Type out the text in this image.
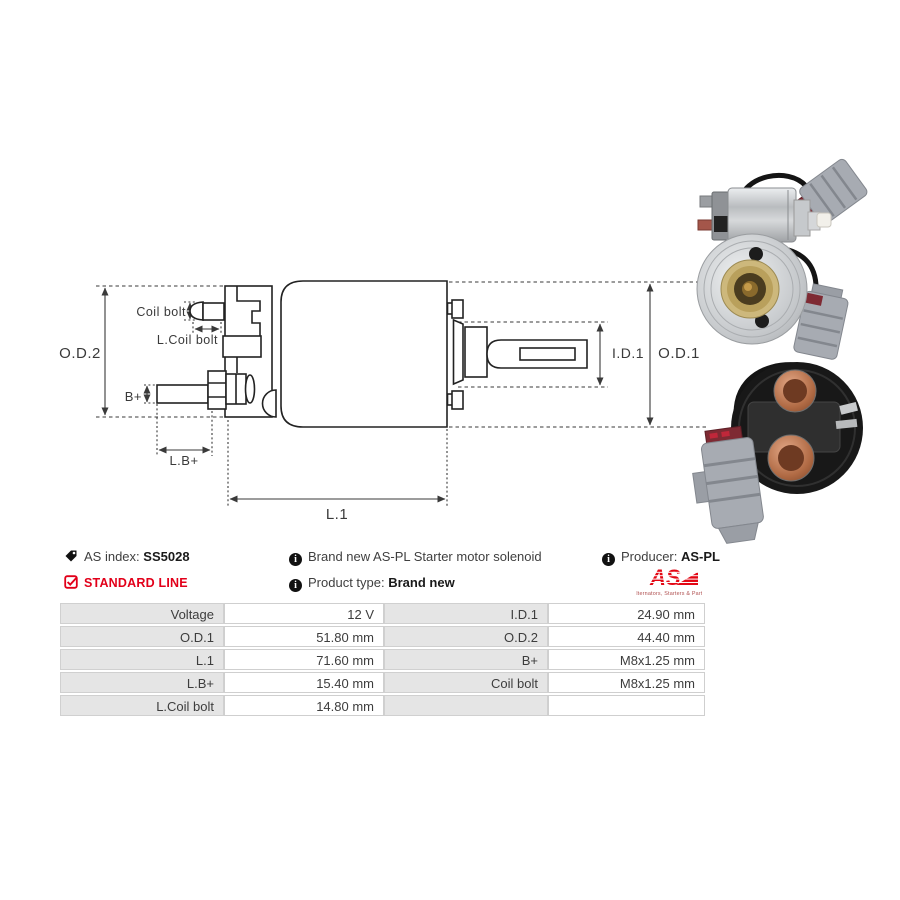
O.D.2	O.D.1
I.D.1
L.1
L.B+
B+
Coil bolt
L.Coil bolt
AS index: SS5028
STANDARD LINE
i Brand new AS-PL Starter motor solenoid
i Product type: Brand new
i Producer: AS-PL
AS
Alternators, Starters & Parts
Voltage	12 V	I.D.1	24.90 mm
O.D.1	51.80 mm	O.D.2	44.40 mm
L.1	71.60 mm	B+	M8x1.25 mm
L.B+	15.40 mm	Coil bolt	M8x1.25 mm
L.Coil bolt	14.80 mm
